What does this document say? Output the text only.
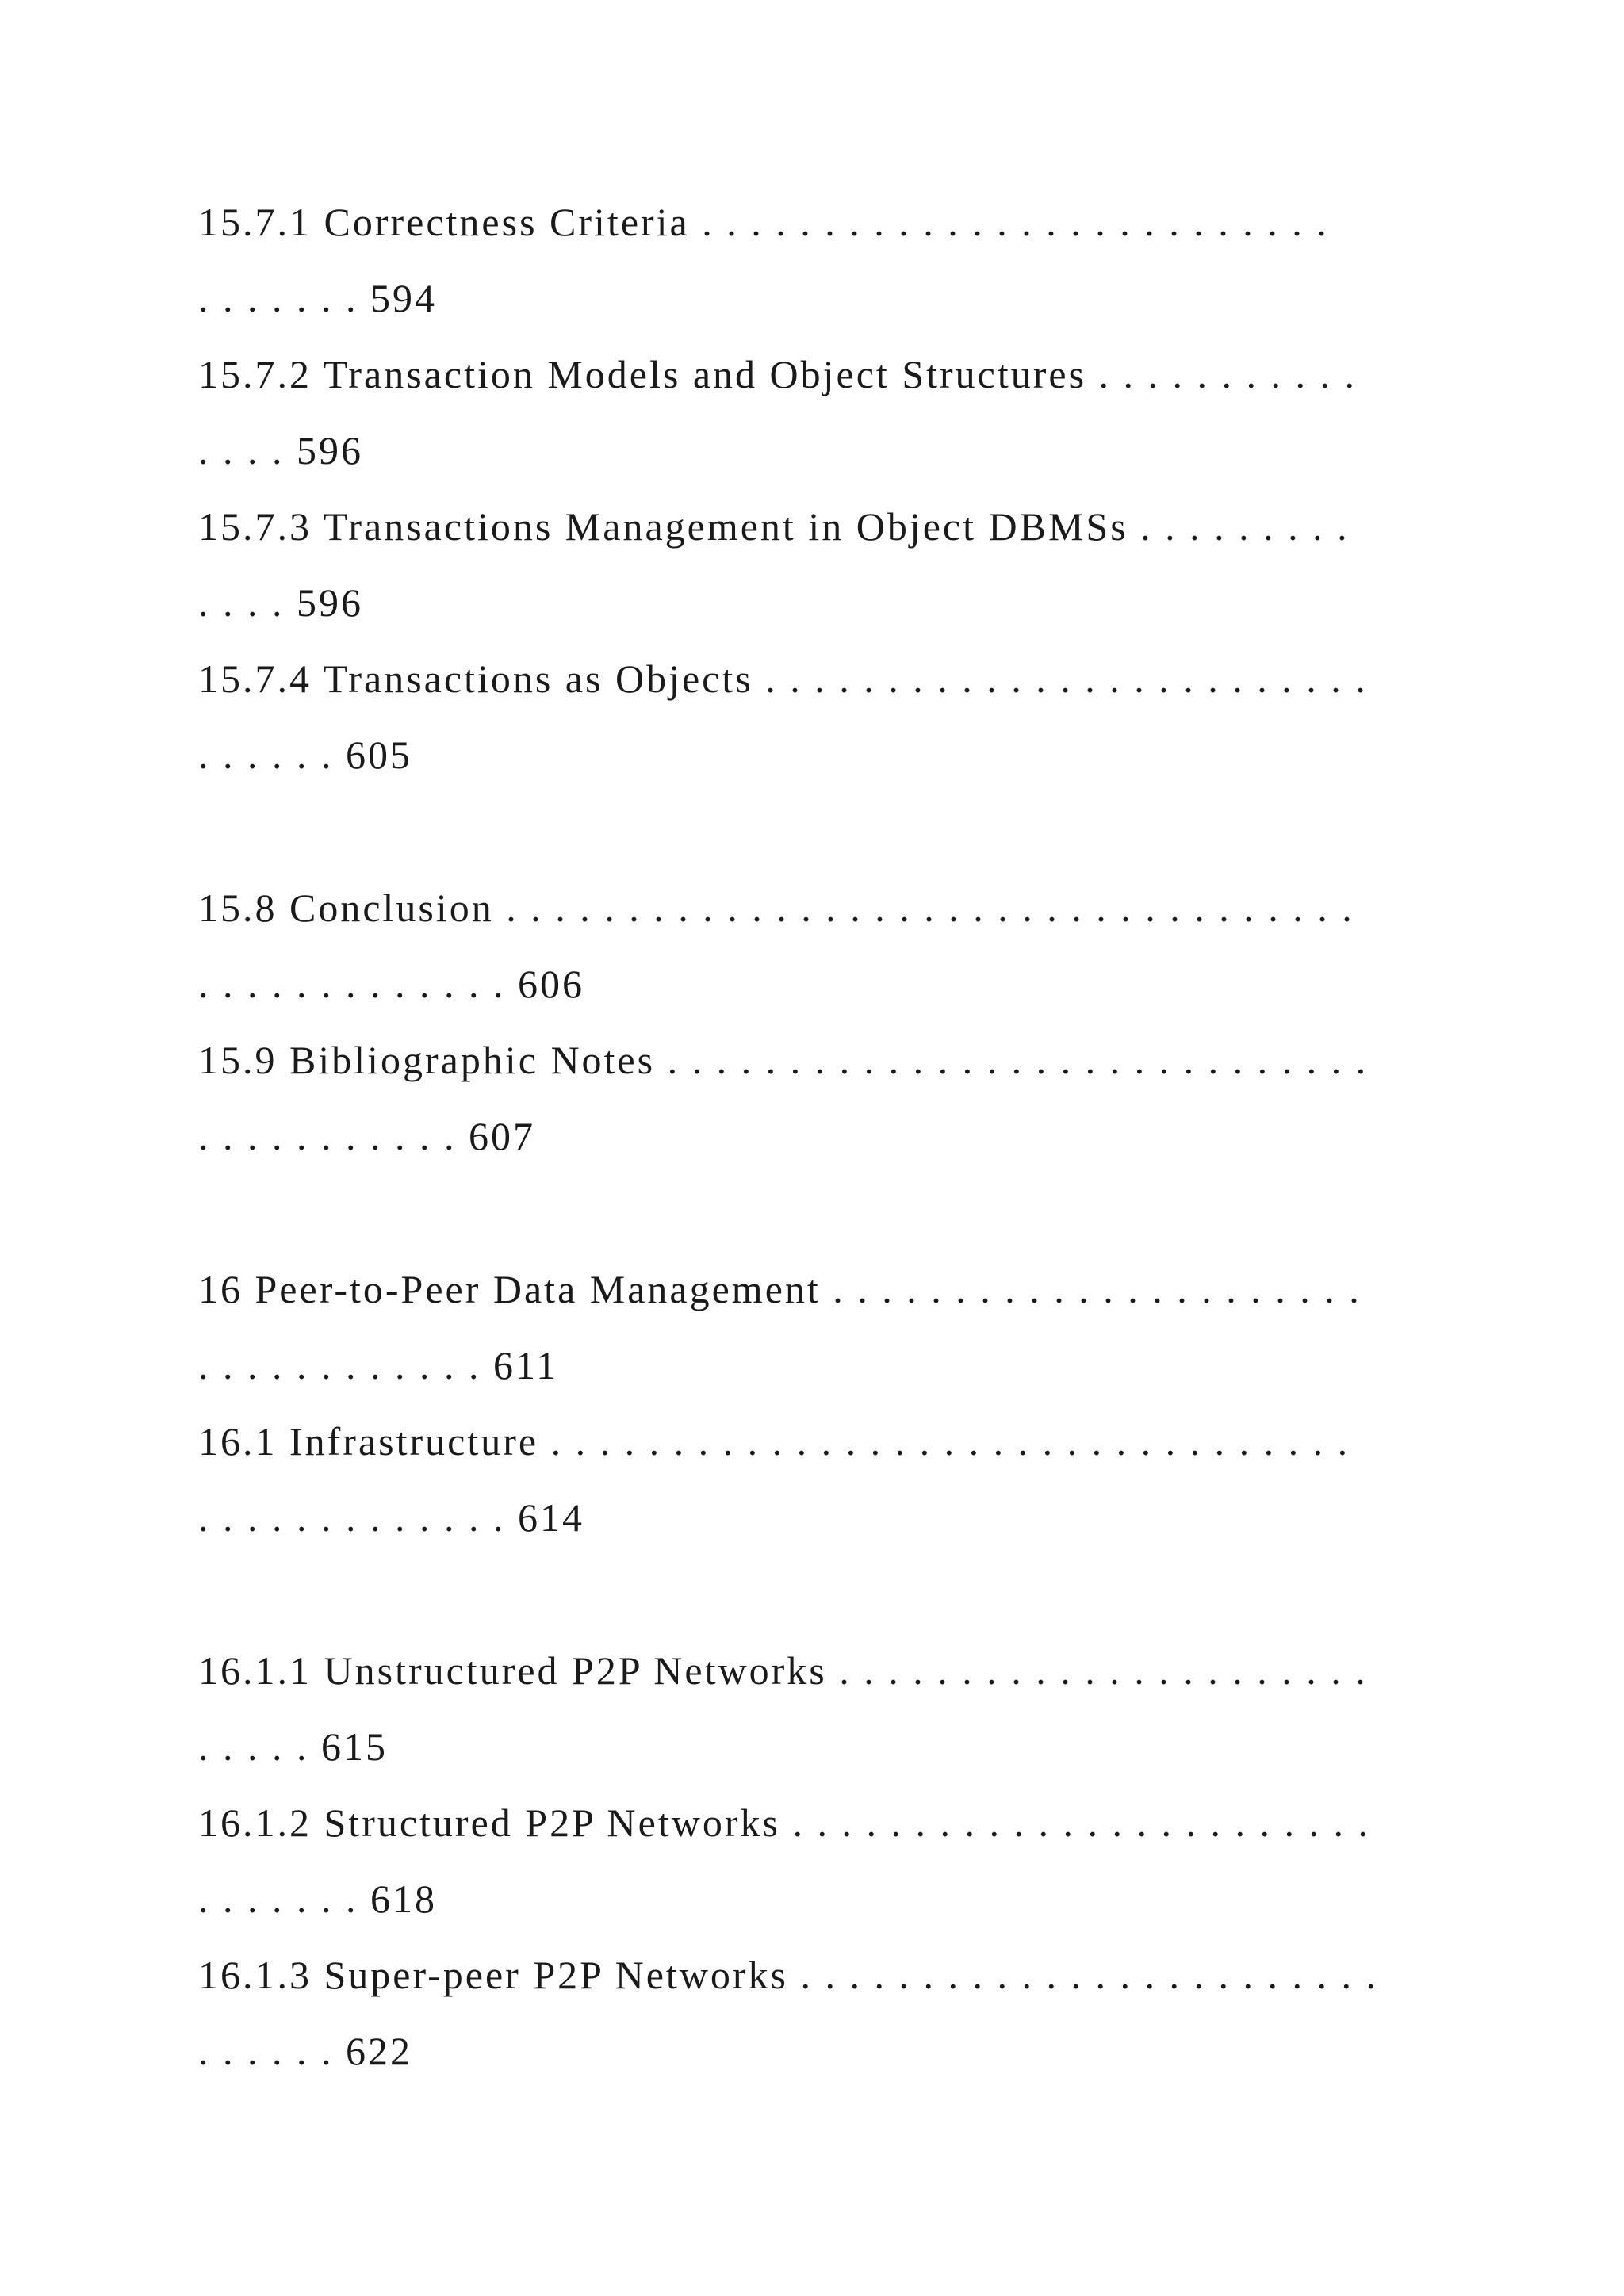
15.7.1 Correctness Criteria . . . . . . . . . . . . . . . . . . . . . . . . . .
. . . . . . . 594
15.7.2 Transaction Models and Object Structures . . . . . . . . . . .
. . . . 596
15.7.3 Transactions Management in Object DBMSs . . . . . . . . .
. . . . 596
15.7.4 Transactions as Objects . . . . . . . . . . . . . . . . . . . . . . . . .
. . . . . . 605
15.8 Conclusion . . . . . . . . . . . . . . . . . . . . . . . . . . . . . . . . . . .
. . . . . . . . . . . . . 606
15.9 Bibliographic Notes . . . . . . . . . . . . . . . . . . . . . . . . . . . . .
. . . . . . . . . . . 607
16 Peer-to-Peer Data Management . . . . . . . . . . . . . . . . . . . . . .
. . . . . . . . . . . . 611
16.1 Infrastructure . . . . . . . . . . . . . . . . . . . . . . . . . . . . . . . . .
. . . . . . . . . . . . . 614
16.1.1 Unstructured P2P Networks . . . . . . . . . . . . . . . . . . . . . .
. . . . . 615
16.1.2 Structured P2P Networks . . . . . . . . . . . . . . . . . . . . . . . .
. . . . . . . 618
16.1.3 Super-peer P2P Networks . . . . . . . . . . . . . . . . . . . . . . . .
. . . . . . 622
